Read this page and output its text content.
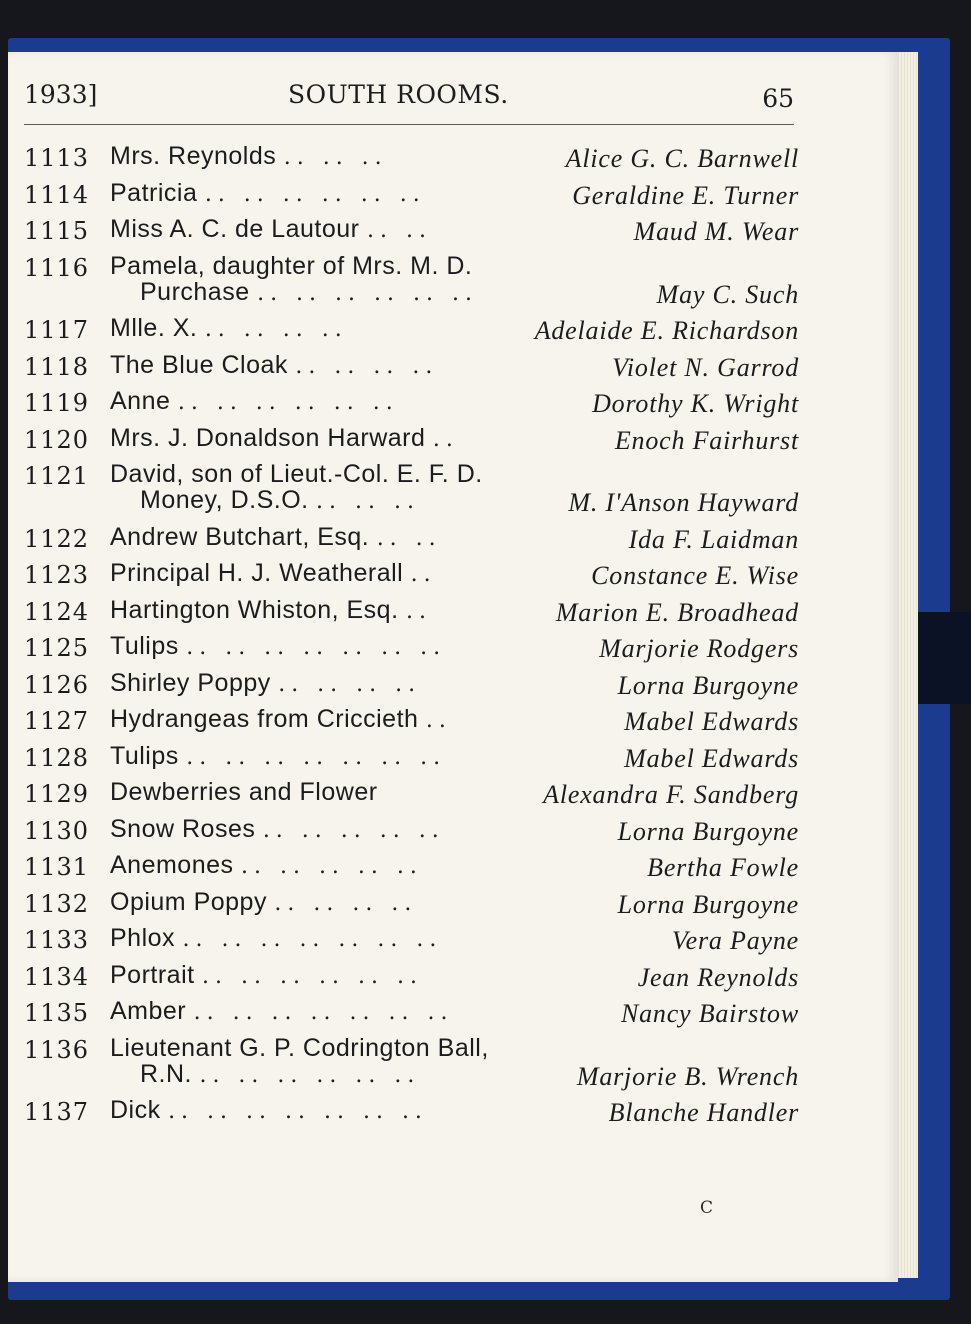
1933]	SOUTH ROOMS.	65
1113 Mrs. Reynolds .. .. ..	Alice G. C. Barnwell
1114 Patricia .. .. .. .. .. ..	Geraldine E. Turner
1115 Miss A. C. de Lautour .. ..	Maud M. Wear
1116 Pamela, daughter of Mrs. M. D.
Purchase .. .. .. .. .. ..	May C. Such
1117 Mlle. X. .. .. .. ..	Adelaide E. Richardson
1118 The Blue Cloak .. .. .. ..	Violet N. Garrod
1119 Anne .. .. .. .. .. ..	Dorothy K. Wright
1120 Mrs. J. Donaldson Harward ..	Enoch Fairhurst
1121 David, son of Lieut.-Col. E. F. D.
Money, D.S.O. .. .. ..	M. I'Anson Hayward
1122 Andrew Butchart, Esq. .. ..	Ida F. Laidman
1123 Principal H. J. Weatherall ..	Constance E. Wise
1124 Hartington Whiston, Esq. ..	Marion E. Broadhead
1125 Tulips .. .. .. .. .. .. ..	Marjorie Rodgers
1126 Shirley Poppy .. .. .. ..	Lorna Burgoyne
1127 Hydrangeas from Criccieth ..	Mabel Edwards
1128 Tulips .. .. .. .. .. .. ..	Mabel Edwards
1129 Dewberries and Flower	Alexandra F. Sandberg
1130 Snow Roses .. .. .. .. ..	Lorna Burgoyne
1131 Anemones .. .. .. .. ..	Bertha Fowle
1132 Opium Poppy .. .. .. ..	Lorna Burgoyne
1133 Phlox .. .. .. .. .. .. ..	Vera Payne
1134 Portrait .. .. .. .. .. ..	Jean Reynolds
1135 Amber .. .. .. .. .. .. ..	Nancy Bairstow
1136 Lieutenant G. P. Codrington Ball,
R.N. .. .. .. .. .. ..	Marjorie B. Wrench
1137 Dick .. .. .. .. .. .. ..	Blanche Handler
C
